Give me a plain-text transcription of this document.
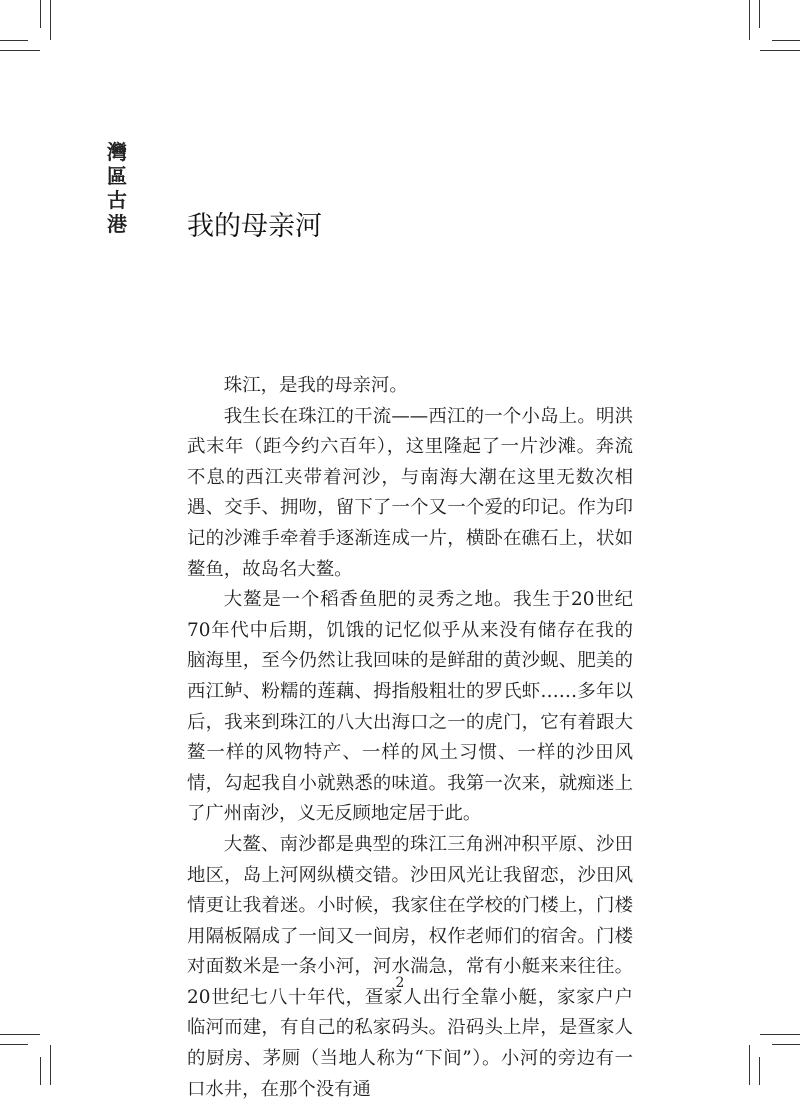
灣
區
古
港 我的母亲河

珠江，是我的母亲河。

我生长在珠江的干流——西江的一个小岛上。明洪武末年（距今约六百年），这里隆起了一片沙滩。奔流不息的西江夹带着河沙，与南海大潮在这里无数次相遇、交手、拥吻，留下了一个又一个爱的印记。作为印记的沙滩手牵着手逐渐连成一片，横卧在礁石上，状如鳌鱼，故岛名大鳌。

大鳌是一个稻香鱼肥的灵秀之地。我生于20世纪70年代中后期，饥饿的记忆似乎从来没有储存在我的脑海里，至今仍然让我回味的是鲜甜的黄沙蚬、肥美的西江鲈、粉糯的莲藕、拇指般粗壮的罗氏虾……多年以后，我来到珠江的八大出海口之一的虎门，它有着跟大鳌一样的风物特产、一样的风土习惯、一样的沙田风情，勾起我自小就熟悉的味道。我第一次来，就痴迷上了广州南沙，义无反顾地定居于此。

大鳌、南沙都是典型的珠江三角洲冲积平原、沙田地区，岛上河网纵横交错。沙田风光让我留恋，沙田风情更让我着迷。小时候，我家住在学校的门楼上，门楼用隔板隔成了一间又一间房，权作老师们的宿舍。门楼对面数米是一条小河，河水湍急，常有小艇来来往往。20世纪七八十年代，疍家人出行全靠小艇，家家户户临河而建，有自己的私家码头。沿码头上岸，是疍家人的厨房、茅厕（当地人称为“下间”）。小河的旁边有一口水井，在那个没有通

2
